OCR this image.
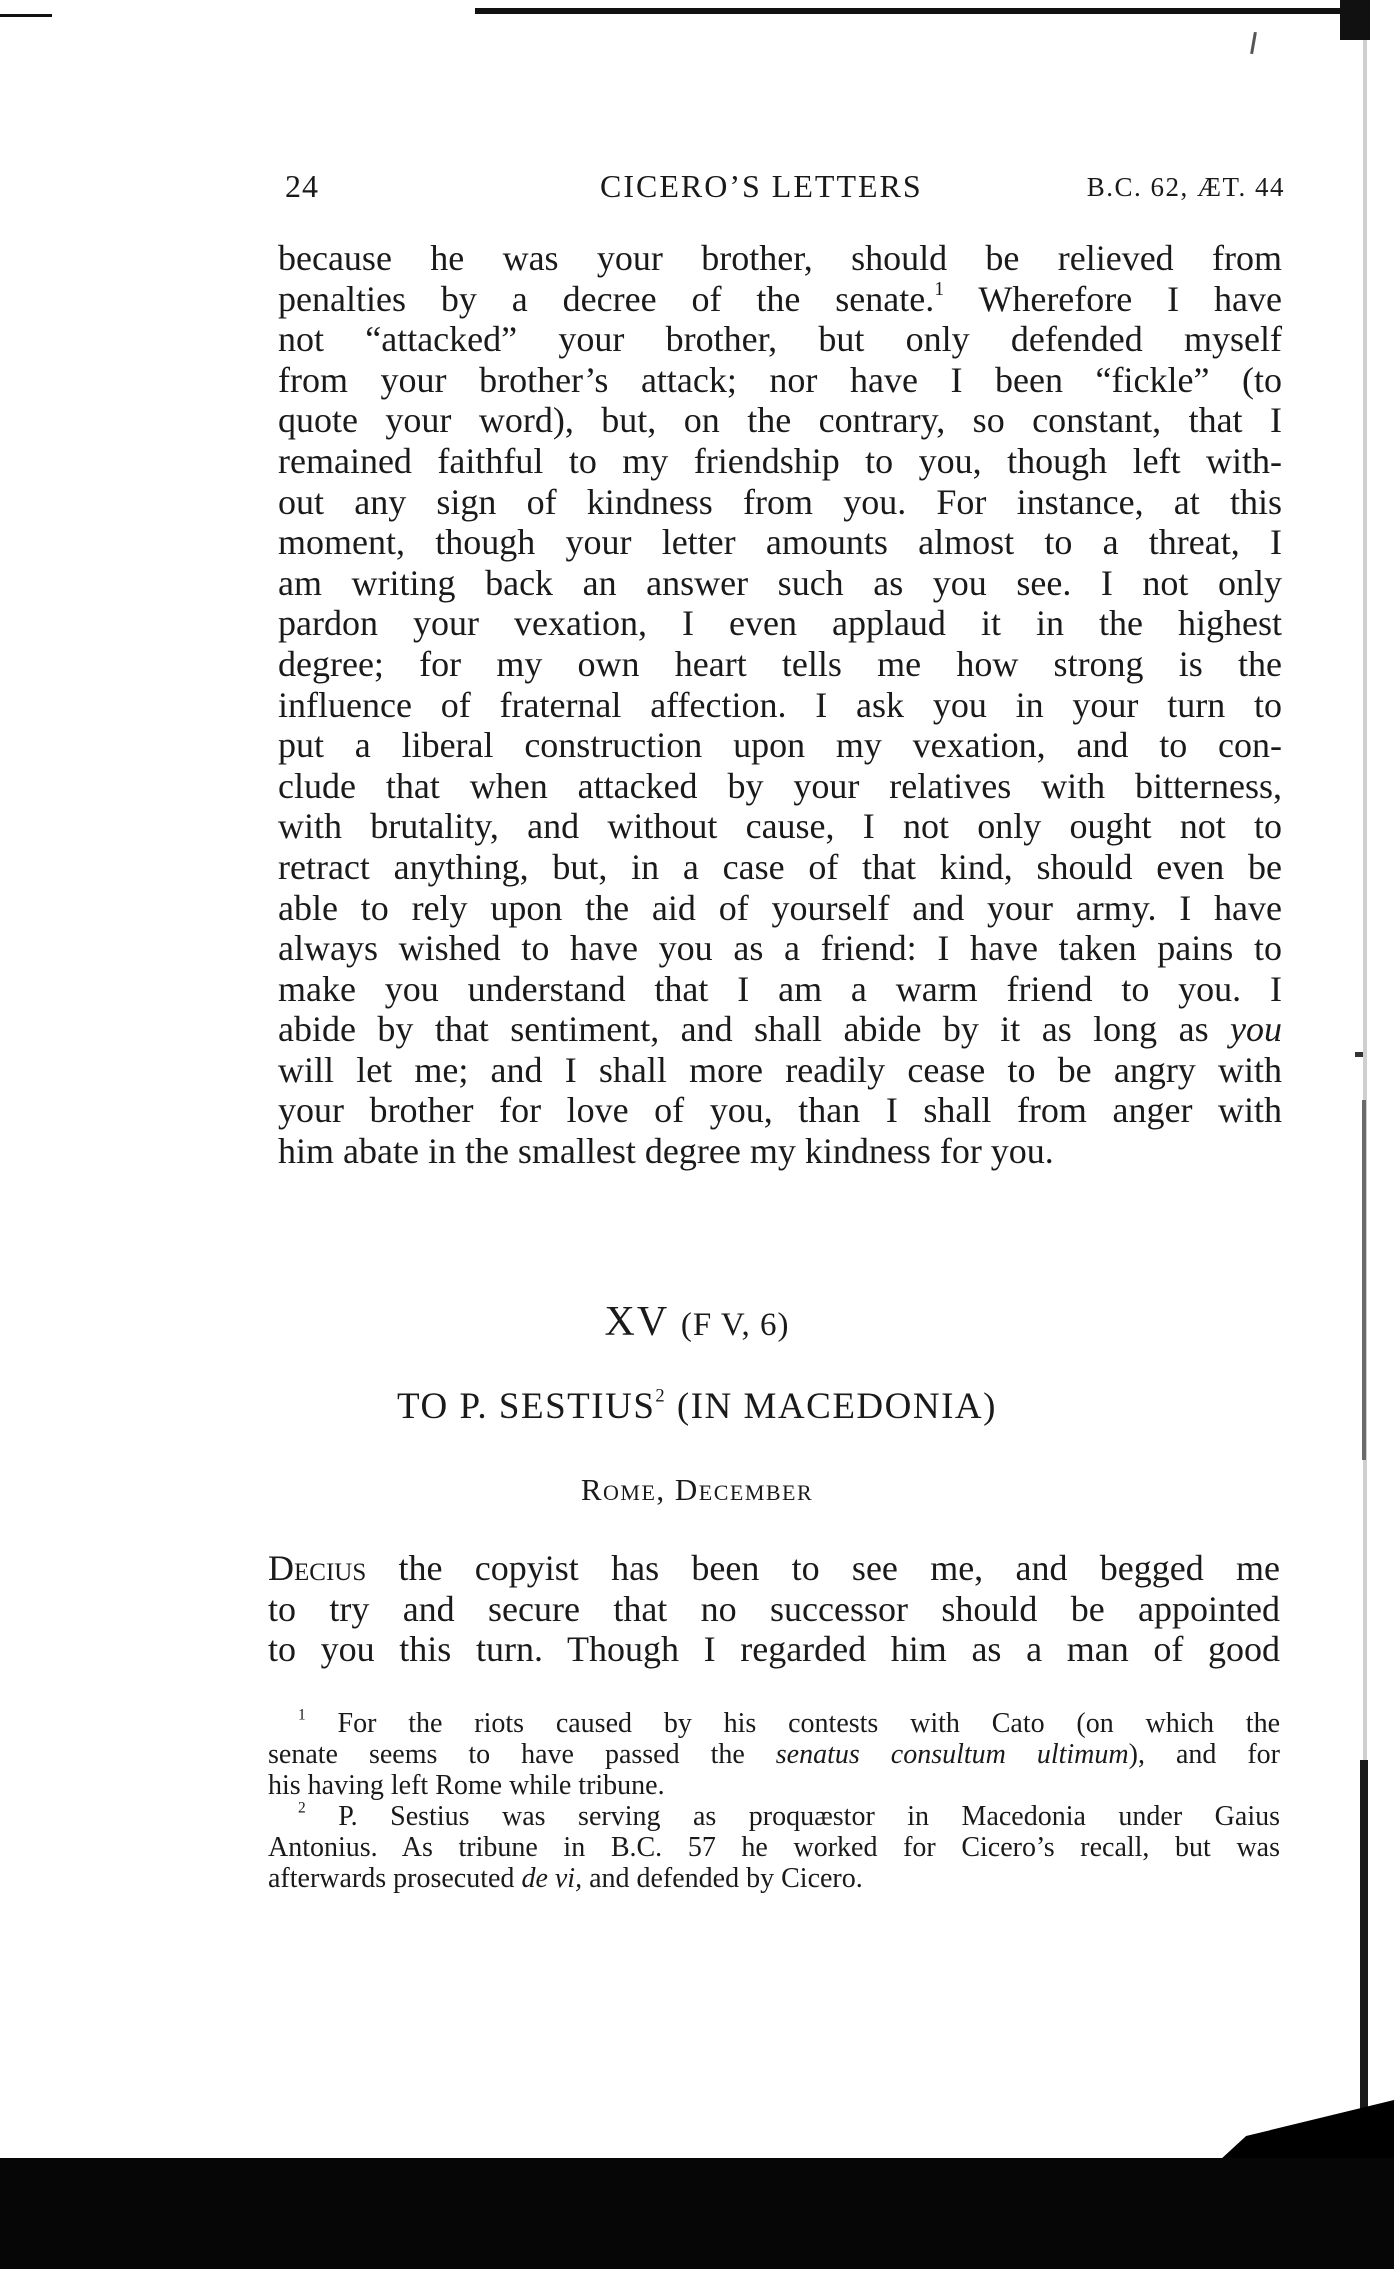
24	CICERO’S LETTERS	B.C. 62, ÆT. 44
because he was your brother, should be relieved from
penalties by a decree of the senate.$^1$ Wherefore I have
not “attacked” your brother, but only defended myself
from your brother’s attack; nor have I been “fickle” (to
quote your word), but, on the contrary, so constant, that I
remained faithful to my friendship to you, though left with-
out any sign of kindness from you. For instance, at this
moment, though your letter amounts almost to a threat, I
am writing back an answer such as you see. I not only
pardon your vexation, I even applaud it in the highest
degree; for my own heart tells me how strong is the
influence of fraternal affection. I ask you in your turn to
put a liberal construction upon my vexation, and to con-
clude that when attacked by your relatives with bitterness,
with brutality, and without cause, I not only ought not to
retract anything, but, in a case of that kind, should even be
able to rely upon the aid of yourself and your army. I have
always wished to have you as a friend: I have taken pains to
make you understand that I am a warm friend to you. I
abide by that sentiment, and shall abide by it as long as you
will let me; and I shall more readily cease to be angry with
your brother for love of you, than I shall from anger with
him abate in the smallest degree my kindness for you.
XV (F V, 6)
TO P. SESTIUS$^2$ (IN MACEDONIA)
Rome, December
Decius the copyist has been to see me, and begged me
to try and secure that no successor should be appointed
to you this turn. Though I regarded him as a man of good
$^1$ For the riots caused by his contests with Cato (on which the
senate seems to have passed the senatus consultum ultimum), and for
his having left Rome while tribune.
$^2$ P. Sestius was serving as proquæstor in Macedonia under Gaius
Antonius. As tribune in B.C. 57 he worked for Cicero’s recall, but was
afterwards prosecuted de vi, and defended by Cicero.
